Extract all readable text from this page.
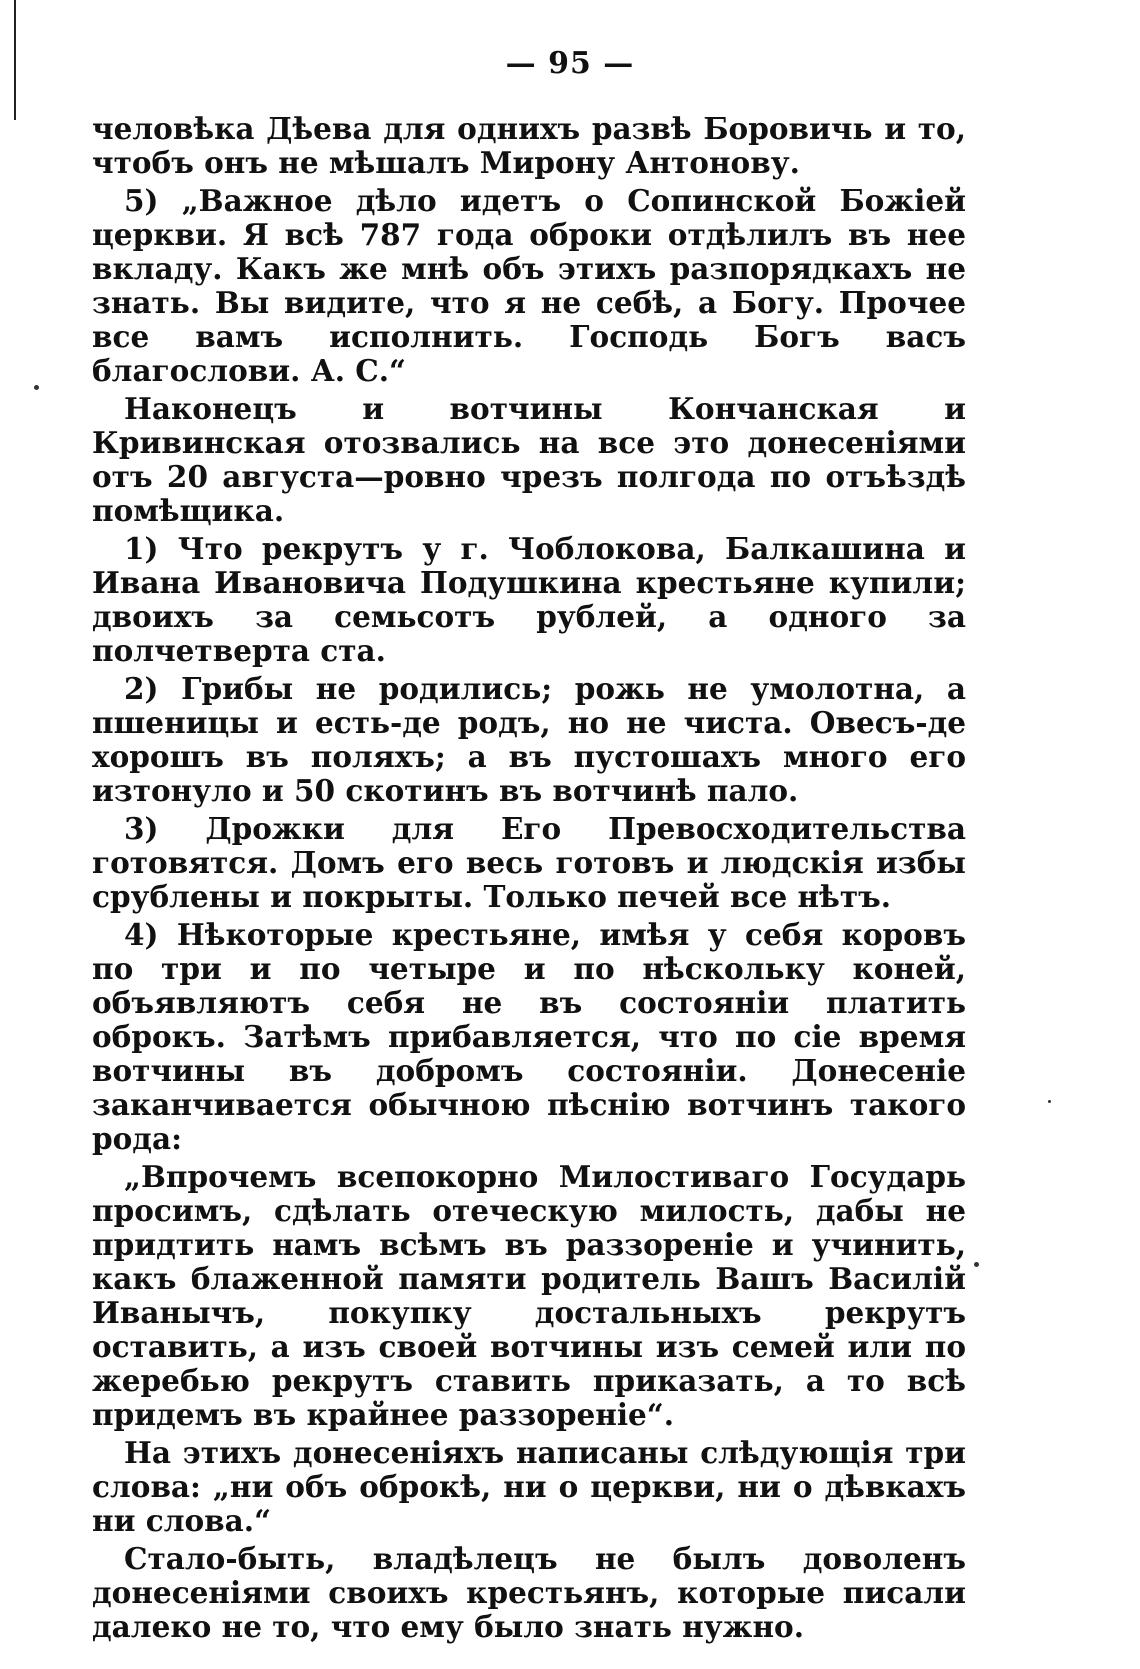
— 95 —

человѣка Дѣева для однихъ развѣ Боровичь и то, чтобъ онъ не мѣшалъ Мирону Антонову.

5) „Важное дѣло идетъ о Сопинской Божіей церкви. Я всѣ 787 года оброки отдѣлилъ въ нее вкладу. Какъ же мнѣ объ этихъ разпорядкахъ не знать. Вы видите, что я не себѣ, а Богу. Прочее все вамъ исполнить. Господь Богъ васъ благослови. А. С.“

Наконецъ и вотчины Кончанская и Кривинская отозвались на все это донесеніями отъ 20 августа—ровно чрезъ полгода по отъѣздѣ помѣщика.

1) Что рекрутъ у г. Чоблокова, Балкашина и Ивана Ивановича Подушкина крестьяне купили; двоихъ за семьсотъ рублей, а одного за полчетверта ста.

2) Грибы не родились; рожь не умолотна, а пшеницы и есть-де родъ, но не чиста. Овесъ-де хорошъ въ поляхъ; а въ пустошахъ много его изтонуло и 50 скотинъ въ вотчинѣ пало.

3) Дрожки для Его Превосходительства готовятся. Домъ его весь готовъ и людскія избы срублены и покрыты. Только печей все нѣтъ.

4) Нѣкоторые крестьяне, имѣя у себя коровъ по три и по четыре и по нѣскольку коней, объявляютъ себя не въ состояніи платить оброкъ. Затѣмъ прибавляется, что по сіе время вотчины въ добромъ состояніи. Донесеніе заканчивается обычною пѣснію вотчинъ такого рода:

„Впрочемъ всепокорно Милостиваго Государь просимъ, сдѣлать отеческую милость, дабы не придтить намъ всѣмъ въ раззореніе и учинить, какъ блаженной памяти родитель Вашъ Василій Иванычъ, покупку достальныхъ рекрутъ оставить, а изъ своей вотчины изъ семей или по жеребью рекрутъ ставить приказать, а то всѣ придемъ въ крайнее раззореніе“.

На этихъ донесеніяхъ написаны слѣдующія три слова: „ни объ оброкѣ, ни о церкви, ни о дѣвкахъ ни слова.“

Стало-быть, владѣлецъ не былъ доволенъ донесеніями своихъ крестьянъ, которые писали далеко не то, что ему было знать нужно.
